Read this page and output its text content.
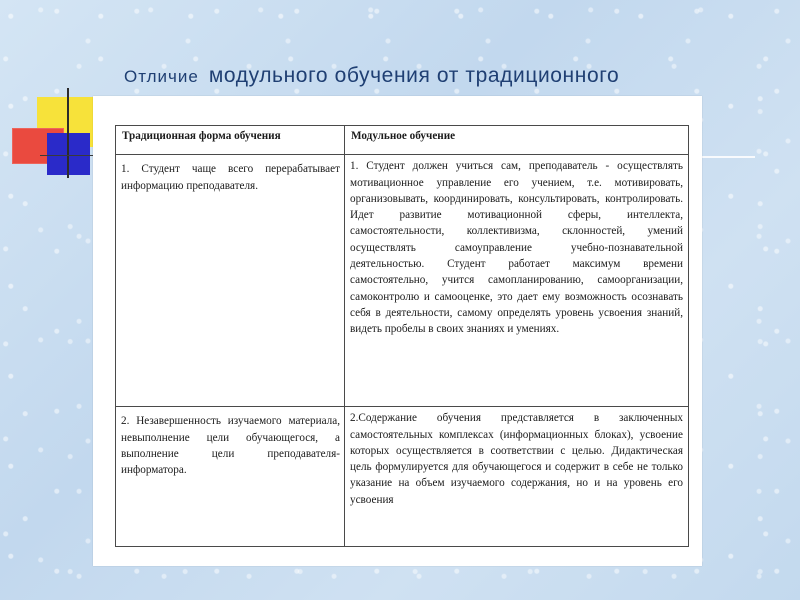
Отличие модульного обучения от традиционного
Традиционная форма обучения	Модульное обучение
1. Студент чаще всего перерабатывает информацию преподавателя.	1. Студент должен учиться сам, преподаватель - осуществлять мотивационное управление его учением, т.е. мотивировать, организовывать, координировать, консультировать, контролировать. Идет развитие мотивационной сферы, интеллекта, самостоятельности, коллективизма, склонностей, умений осуществлять самоуправление учебно-познавательной деятельностью. Студент работает максимум времени самостоятельно, учится самопланированию, самоорганизации, самоконтролю и самооценке, это дает ему возможность осознавать себя в деятельности, самому определять уровень усвоения знаний, видеть пробелы в своих знаниях и умениях.
2. Незавершенность изучаемого материала, невыполнение цели обучающегося, а выполнение цели преподавателя-информатора.	2.Содержание обучения представляется в заключенных самостоятельных комплексах (информационных блоках), усвоение которых осуществляется в соответствии с целью. Дидактическая цель формулируется для обучающегося и содержит в себе не только указание на объем изучаемого содержания, но и на уровень его усвоения
